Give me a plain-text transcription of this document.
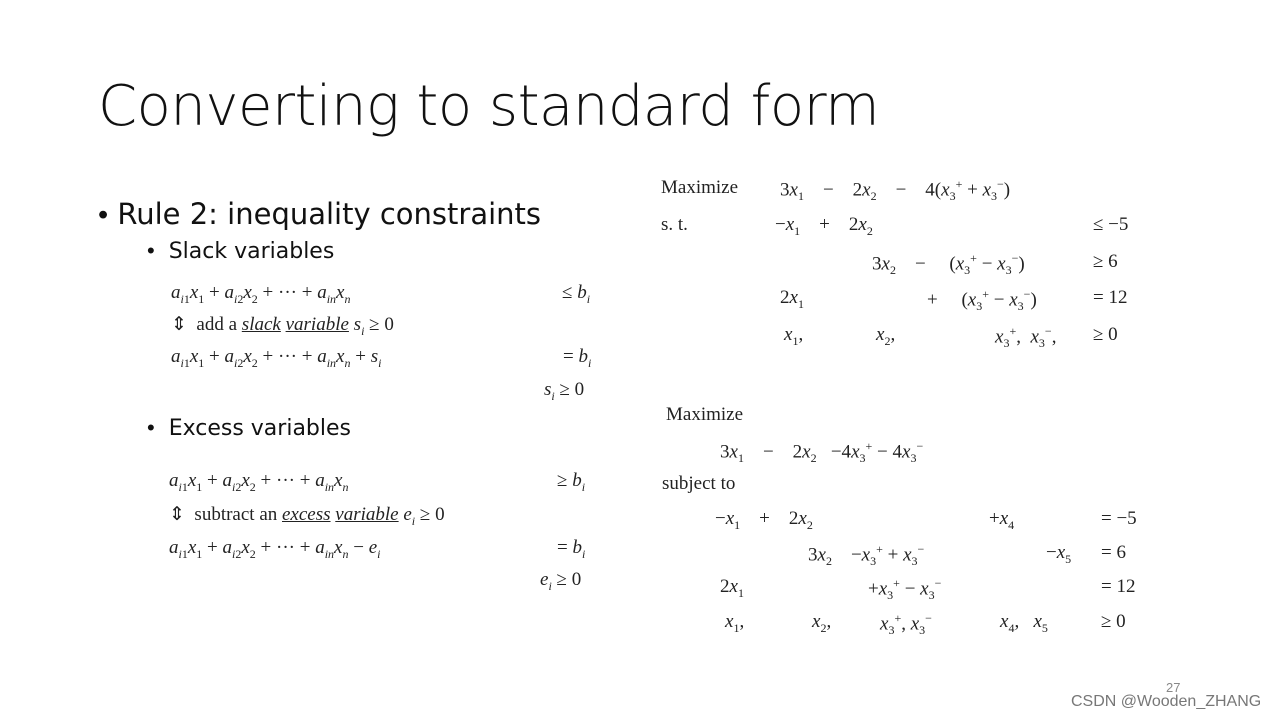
Converting to standard form
• Rule 2: inequality constraints
• Slack variables
• Excess variables
$a_{i1}x_1 + a_{i2}x_2$ + ··· + $a_{in}x_n$	≤ $b_i$
⇕  add a slack variable $s_i \ge 0$
$a_{i1}x_1 + a_{i2}x_2$ + ··· + $a_{in}x_n + s_i$	= $b_i$
$s_i \ge 0$
$a_{i1}x_1 + a_{i2}x_2$ + ··· + $a_{in}x_n$	≥ $b_i$
⇕  subtract an excess variable $e_i \ge 0$
$a_{i1}x_1 + a_{i2}x_2$ + ··· + $a_{in}x_n - e_i$	= $b_i$
$e_i \ge 0$
Maximize $3x_1$    −    $2x_2$    −    $4(x_3^+ + x_3^-)$
s. t.	$-x_1$    +    $2x_2$	≤ −5
$3x_2$    −     $(x_3^+ - x_3^-)$	≥ 6
$2x_1$	+     $(x_3^+ - x_3^-)$	= 12
$x_1$,	$x_2$,	$x_3^+$,  $x_3^-$, ≥ 0
Maximize
$3x_1$    −    $2x_2 -4x_3^+ - 4x_3^-$
subject to
$-x_1$    +    $2x_2$	$+x_4$	= −5
$3x_2$    $-x_3^+ + x_3^-$	$-x_5 = 6$
$2x_1$	$+x_3^+ - x_3^-$	= 12
$x_1$,	$x_2$,	$x_3^+$, $x_3^-$	$x_4$,   $x_5$	≥ 0
27
CSDN @Wooden_ZHANG
